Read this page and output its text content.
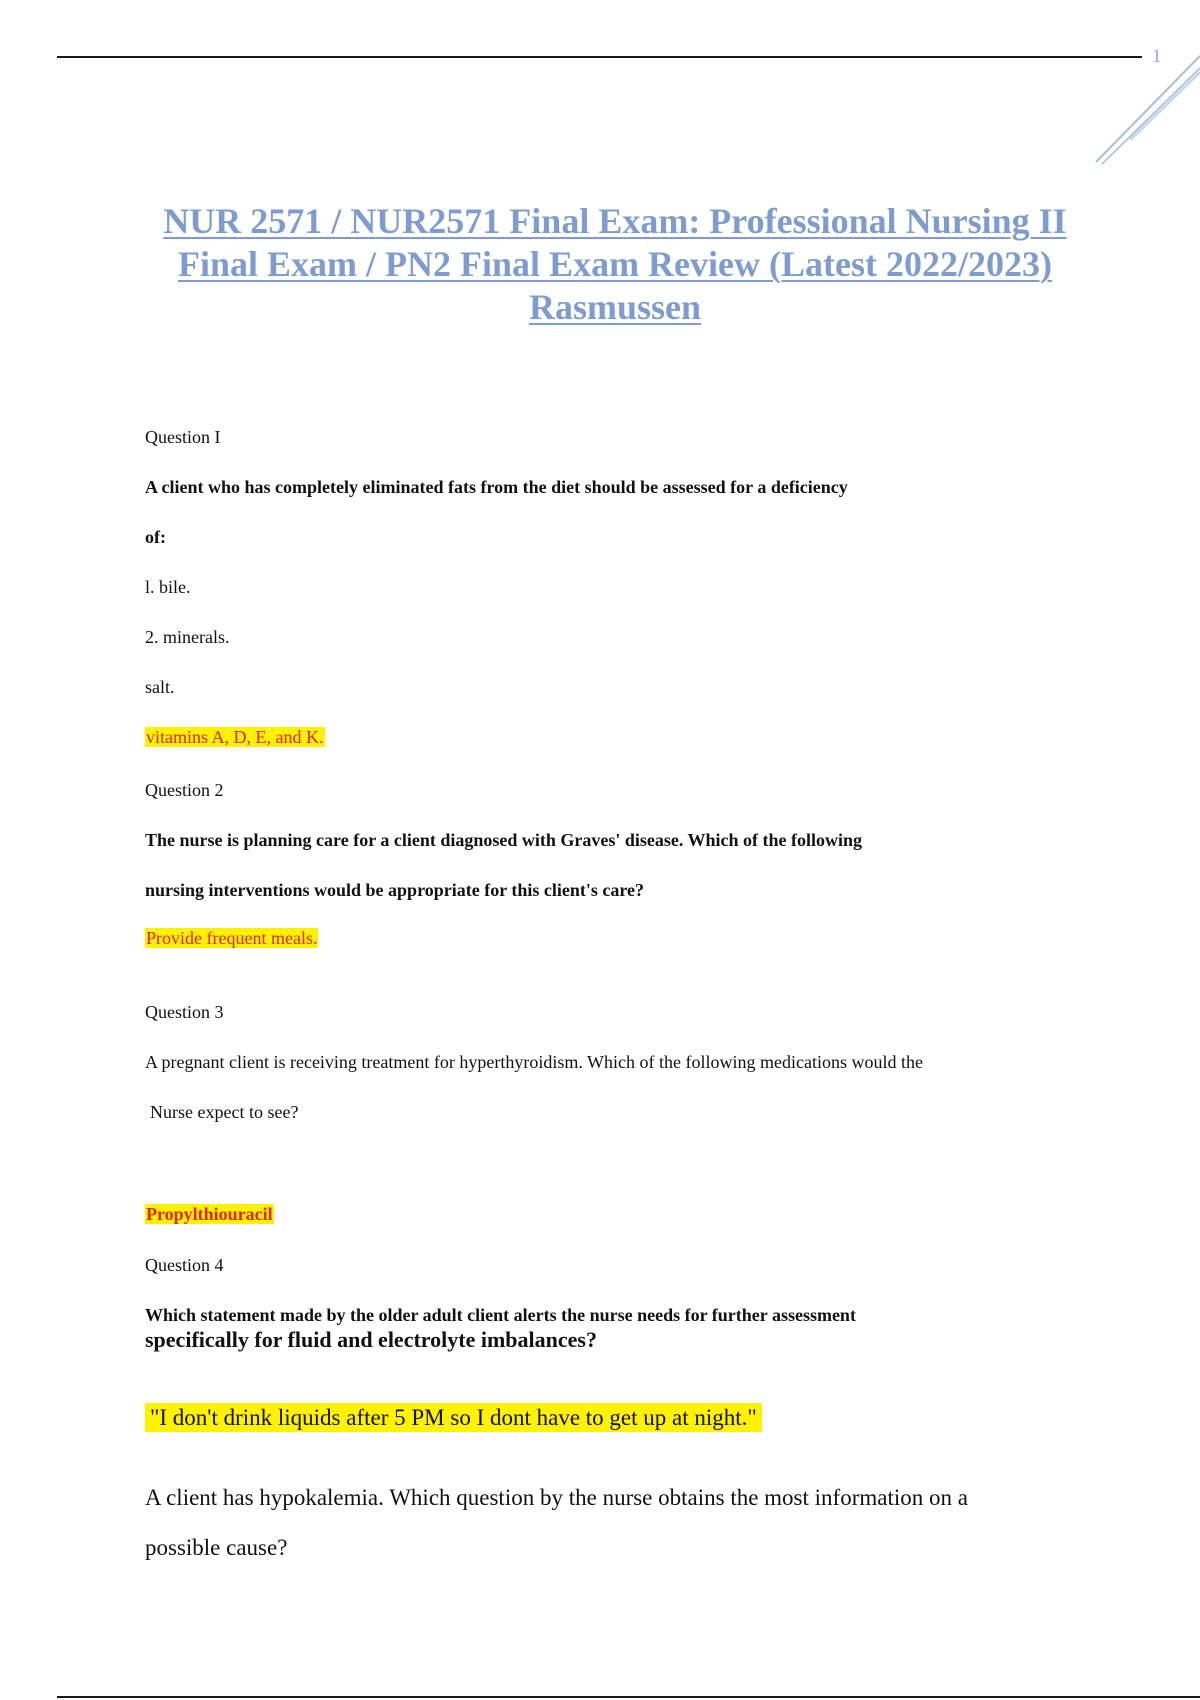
1
NUR 2571 / NUR2571 Final Exam: Professional Nursing II
Final Exam / PN2 Final Exam Review (Latest 2022/2023)
Rasmussen
Question I
A client who has completely eliminated fats from the diet should be assessed for a deficiency
of:
l. bile.
2. minerals.
salt.
vitamins A, D, E, and K.
Question 2
The nurse is planning care for a client diagnosed with Graves' disease. Which of the following
nursing interventions would be appropriate for this client's care?
Provide frequent meals.
Question 3
A pregnant client is receiving treatment for hyperthyroidism. Which of the following medications would the
Nurse expect to see?
Propylthiouracil
Question 4
Which statement made by the older adult client alerts the nurse needs for further assessment
specifically for fluid and electrolyte imbalances?
"I don't drink liquids after 5 PM so I dont have to get up at night."
A client has hypokalemia. Which question by the nurse obtains the most information on a
possible cause?
